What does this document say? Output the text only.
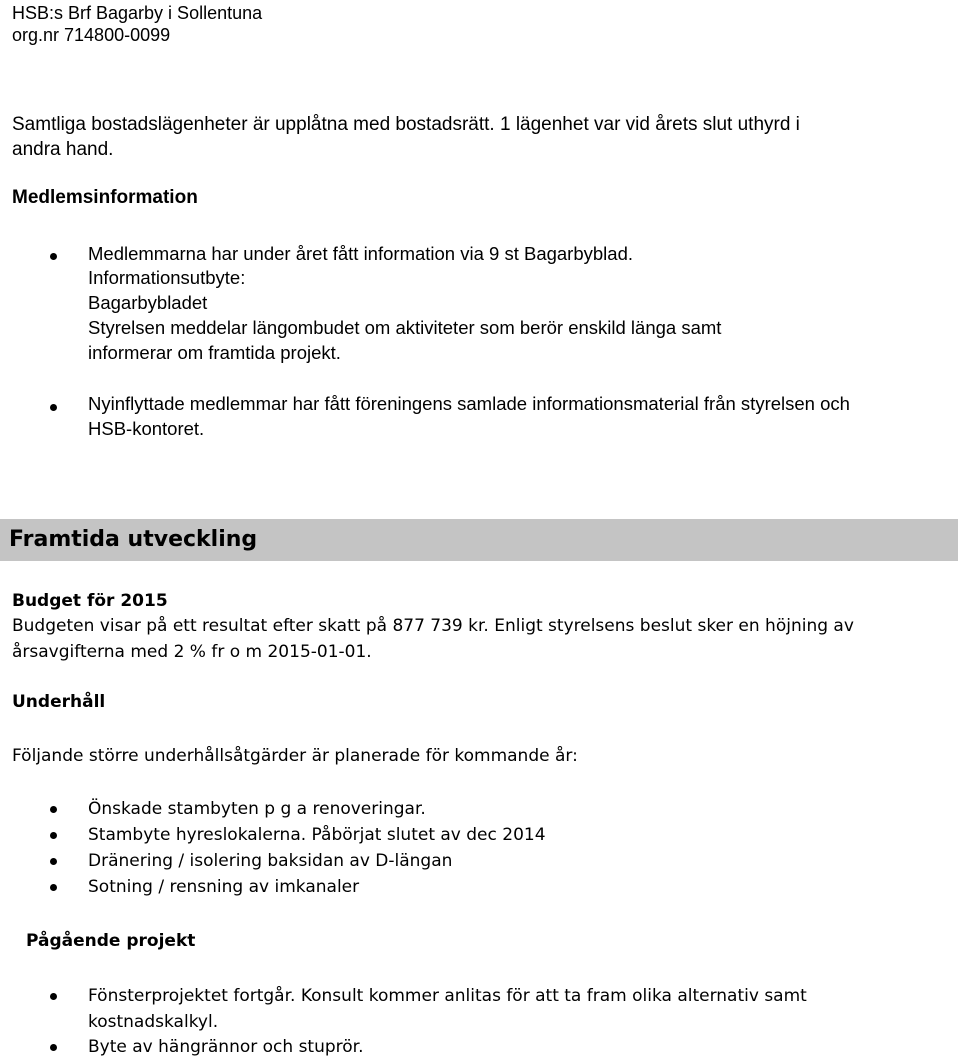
HSB:s Brf Bagarby i Sollentuna
org.nr 714800-0099
Samtliga bostadslägenheter är upplåtna med bostadsrätt. 1 lägenhet var vid årets slut uthyrd i
andra hand.
Medlemsinformation
Medlemmarna har under året fått information via 9 st Bagarbyblad.
Informationsutbyte:
Bagarbybladet
Styrelsen meddelar längombudet om aktiviteter som berör enskild länga samt
informerar om framtida projekt.
Nyinflyttade medlemmar har fått föreningens samlade informationsmaterial från styrelsen och
HSB-kontoret.
Framtida utveckling
Budget för 2015
Budgeten visar på ett resultat efter skatt på 877 739 kr. Enligt styrelsens beslut sker en höjning av
årsavgifterna med 2 % fr o m 2015-01-01.
Underhåll
Följande större underhållsåtgärder är planerade för kommande år:
Önskade stambyten p g a renoveringar.
Stambyte hyreslokalerna. Påbörjat slutet av dec 2014
Dränering / isolering baksidan av D-längan
Sotning / rensning av imkanaler
Pågående projekt
Fönsterprojektet fortgår. Konsult kommer anlitas för att ta fram olika alternativ samt
kostnadskalkyl.
Byte av hängrännor och stuprör.
